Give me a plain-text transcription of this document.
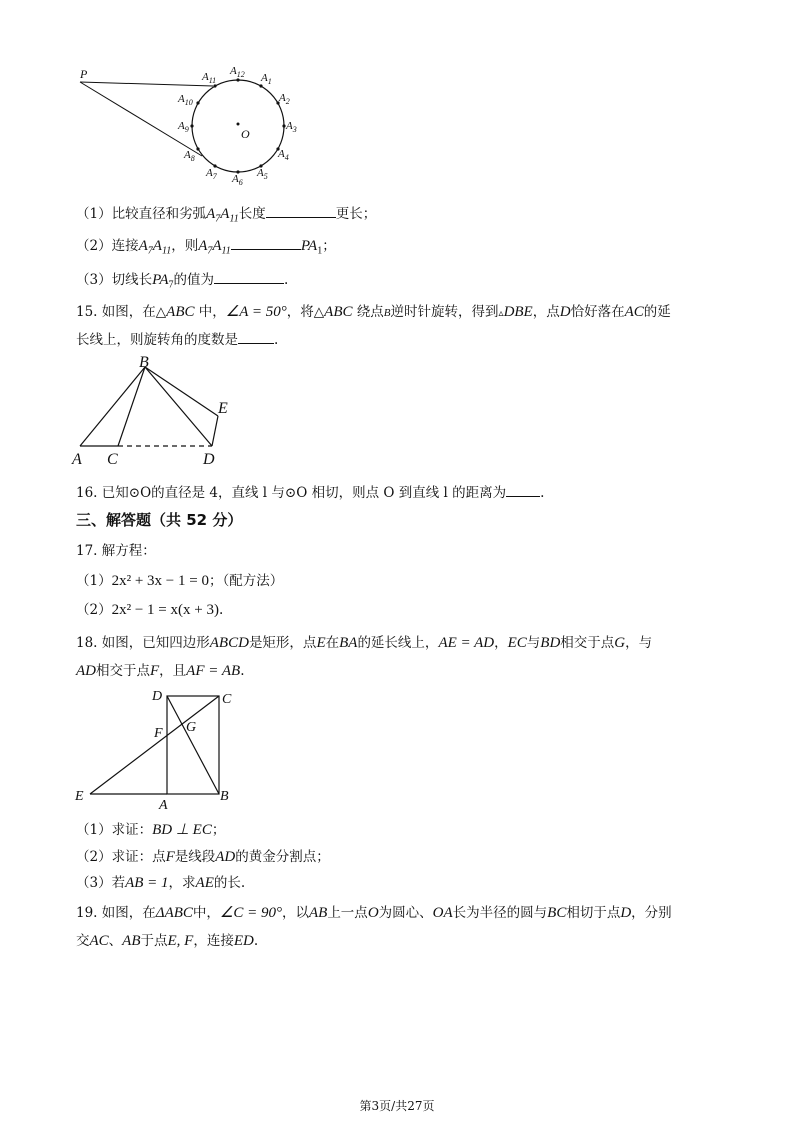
P
O
$A_{12}$ $A_1$
$A_2$
$A_3$
$A_4$
$A_5$
$A_6$
$A_7$
$A_8$
$A_9$
$A_{10}$
$A_{11}$
（1）比较直径和劣弧$A_7A_{11}$长度	更长；
（2）连接$A_7A_{11}$，则$A_7A_{11}$	$PA_1$；
（3）切线长$PA_7$的值为	.
15. 如图，在△ABC 中，∠A = 50°，将△ABC 绕点B逆时针旋转，得到▵DBE，点D恰好落在AC的延
长线上，则旋转角的度数是	.
B
E
A C	D
16. 已知⊙O的直径是 4，直线 l 与⊙O 相切，则点 O 到直线 l 的距离为	.
三、解答题（共 52 分）
17. 解方程：
（1）2x² + 3x − 1 = 0；（配方法）
（2）2x² − 1 = x(x + 3).
18. 如图，已知四边形ABCD是矩形，点E在BA的延长线上，AE = AD，EC与BD相交于点G，与
AD相交于点F，且AF = AB.
D	C
F G
E
A
B
（1）求证：BD ⊥ EC；
（2）求证：点F是线段AD的黄金分割点；
（3）若AB = 1，求AE的长.
19. 如图，在ΔABC中，∠C = 90°，以AB上一点O为圆心、OA长为半径的圆与BC相切于点D，分别
交AC、AB于点E, F，连接ED.
第3页/共27页
